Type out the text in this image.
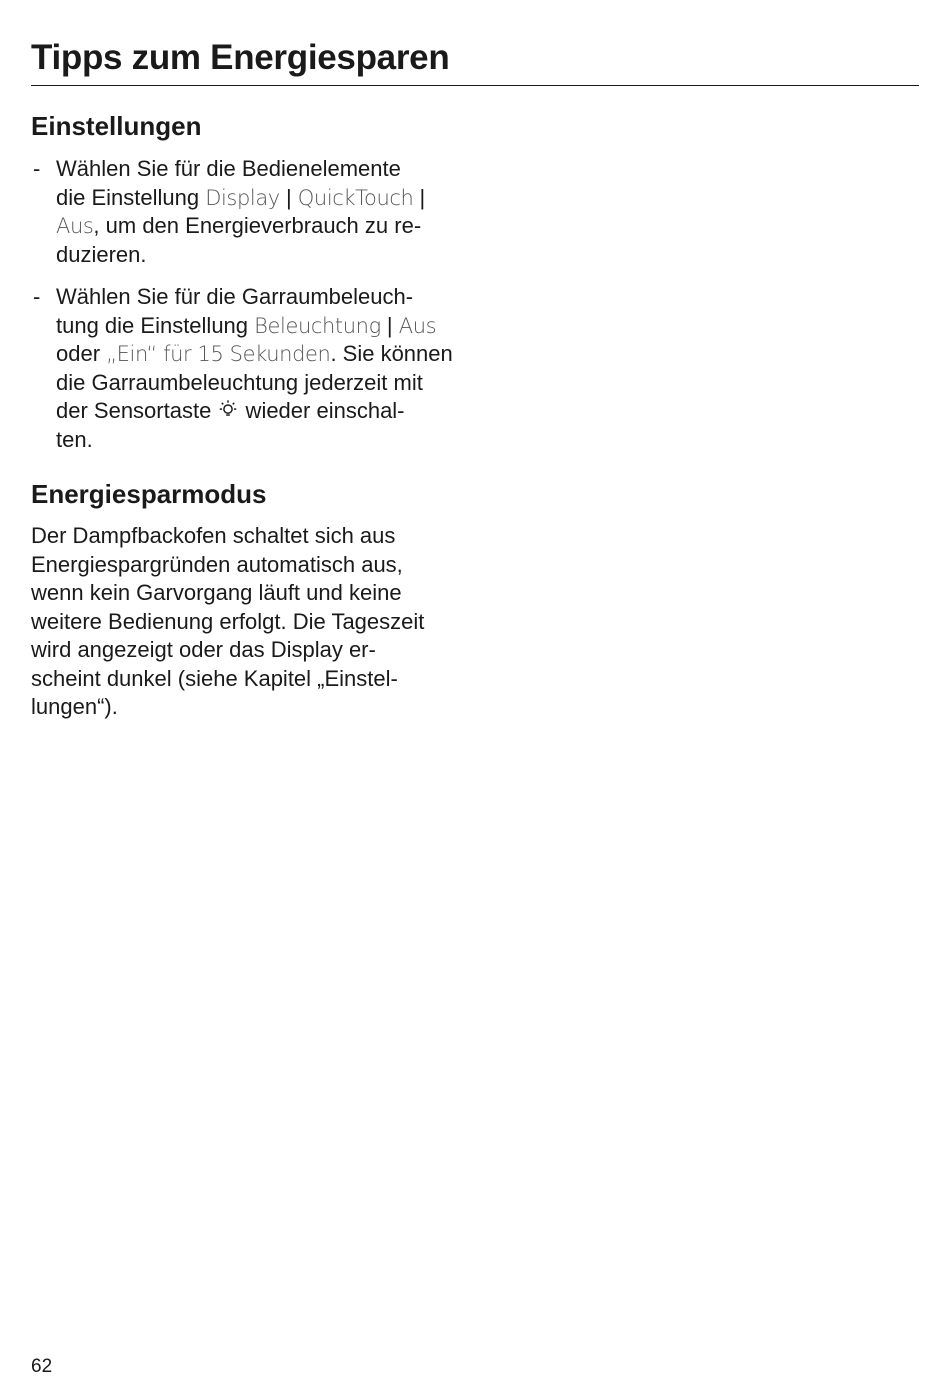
Tipps zum Energiesparen
Einstellungen
- Wählen Sie für die Bedienelemente
die Einstellung Display | QuickTouch |
Aus, um den Energieverbrauch zu re-
duzieren.
- Wählen Sie für die Garraumbeleuch-
tung die Einstellung Beleuchtung | Aus
oder „Ein“ für 15 Sekunden. Sie können
die Garraumbeleuchtung jederzeit mit
der Sensortaste  wieder einschal-
ten.
Energiesparmodus

Der Dampfbackofen schaltet sich aus
Energiespargründen automatisch aus,
wenn kein Garvorgang läuft und keine
weitere Bedienung erfolgt. Die Tageszeit
wird angezeigt oder das Display er-
scheint dunkel (siehe Kapitel „Einstel-
lungen“).

62
